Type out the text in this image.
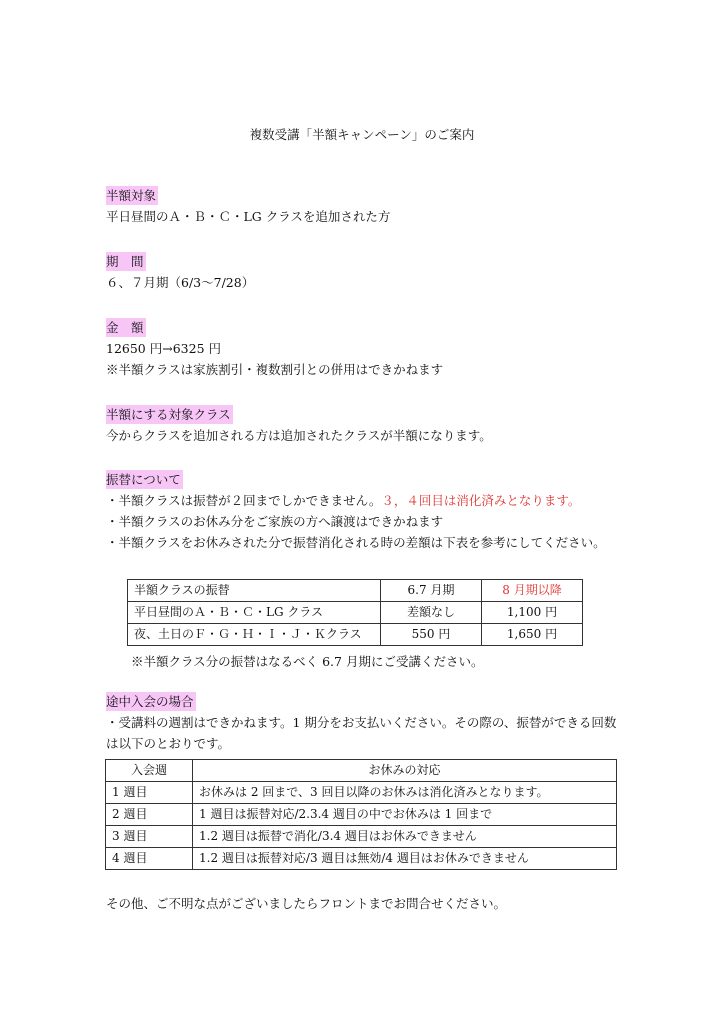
複数受講「半額キャンペーン」のご案内
半額対象
平日昼間のＡ・Ｂ・Ｃ・LG クラスを追加された方
期　間
６、７月期（6/3〜7/28）
金　額
12650 円→6325 円
※半額クラスは家族割引・複数割引との併用はできかねます
半額にする対象クラス
今からクラスを追加される方は追加されたクラスが半額になります。
振替について
・半額クラスは振替が２回までしかできません。３，４回目は消化済みとなります。
・半額クラスのお休み分をご家族の方へ譲渡はできかねます
・半額クラスをお休みされた分で振替消化される時の差額は下表を参考にしてください。
半額クラスの振替	6.7 月期	8 月期以降
平日昼間のＡ・Ｂ・Ｃ・LG クラス	差額なし	1,100 円
夜、土日のＦ・Ｇ・Ｈ・Ｉ・Ｊ・Ｋクラス	550 円	1,650 円
※半額クラス分の振替はなるべく 6.7 月期にご受講ください。
途中入会の場合
・受講料の週割はできかねます。1 期分をお支払いください。その際の、振替ができる回数
は以下のとおりです。
入会週	お休みの対応
1 週目	お休みは 2 回まで、3 回目以降のお休みは消化済みとなります。
2 週目	1 週目は振替対応/2.3.4 週目の中でお休みは 1 回まで
3 週目	1.2 週目は振替で消化/3.4 週目はお休みできません
4 週目	1.2 週目は振替対応/3 週目は無効/4 週目はお休みできません
その他、ご不明な点がございましたらフロントまでお問合せください。
